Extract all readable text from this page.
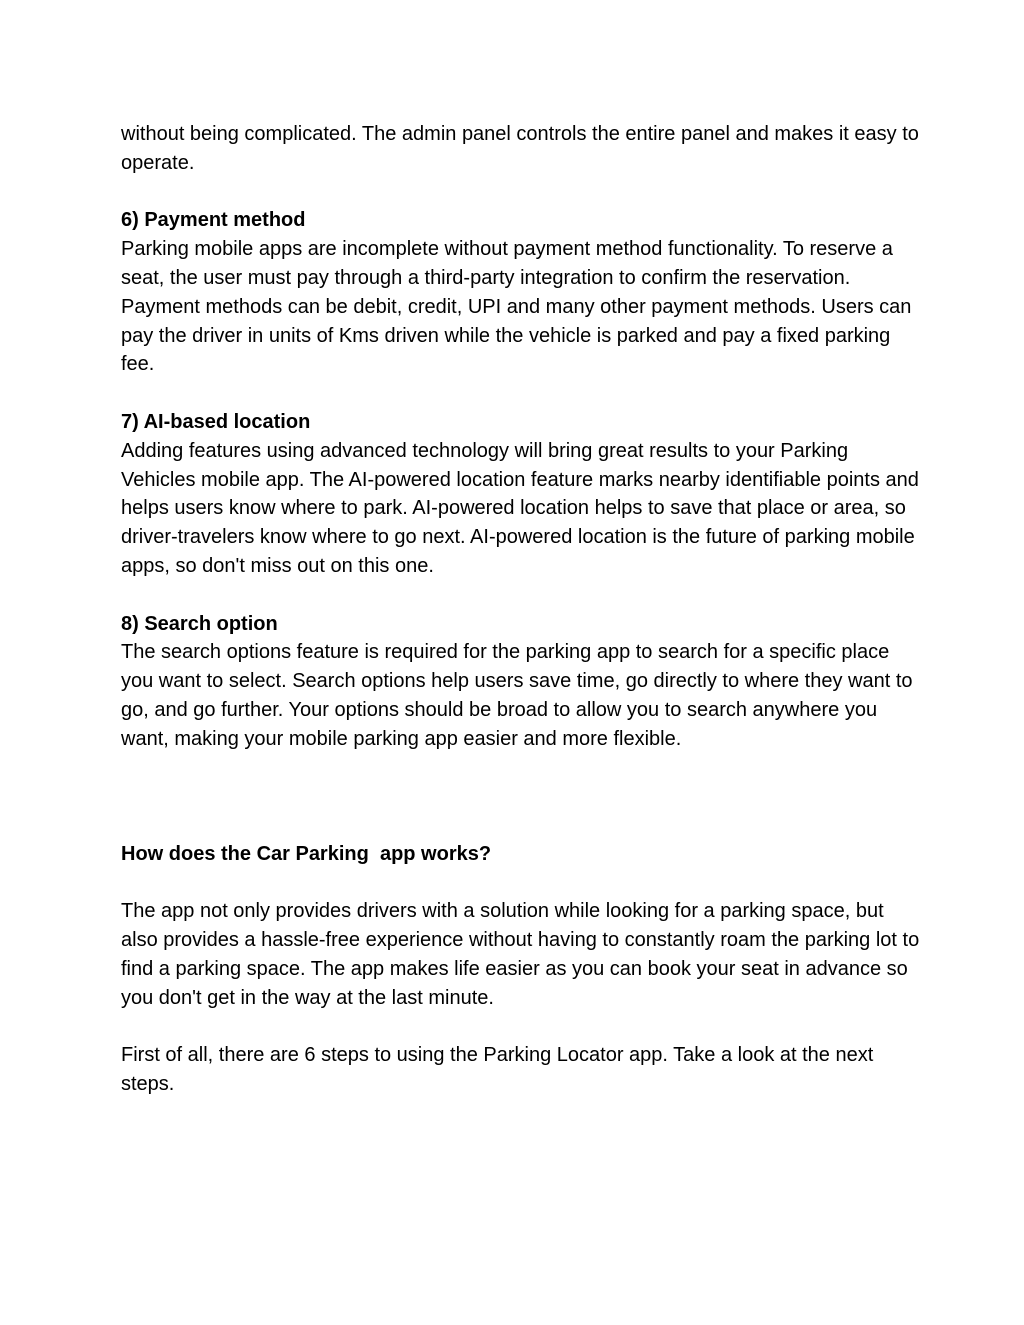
without being complicated. The admin panel controls the entire panel and makes it easy to operate.

6) Payment method

Parking mobile apps are incomplete without payment method functionality. To reserve a seat, the user must pay through a third-party integration to confirm the reservation. Payment methods can be debit, credit, UPI and many other payment methods. Users can pay the driver in units of Kms driven while the vehicle is parked and pay a fixed parking fee.

7) AI-based location

Adding features using advanced technology will bring great results to your Parking Vehicles mobile app. The AI-powered location feature marks nearby identifiable points and helps users know where to park. AI-powered location helps to save that place or area, so driver-travelers know where to go next. AI-powered location is the future of parking mobile apps, so don't miss out on this one.

8) Search option

The search options feature is required for the parking app to search for a specific place you want to select. Search options help users save time, go directly to where they want to go, and go further. Your options should be broad to allow you to search anywhere you want, making your mobile parking app easier and more flexible.

How does the Car Parking  app works?

The app not only provides drivers with a solution while looking for a parking space, but also provides a hassle-free experience without having to constantly roam the parking lot to find a parking space. The app makes life easier as you can book your seat in advance so you don't get in the way at the last minute.

First of all, there are 6 steps to using the Parking Locator app. Take a look at the next steps.
